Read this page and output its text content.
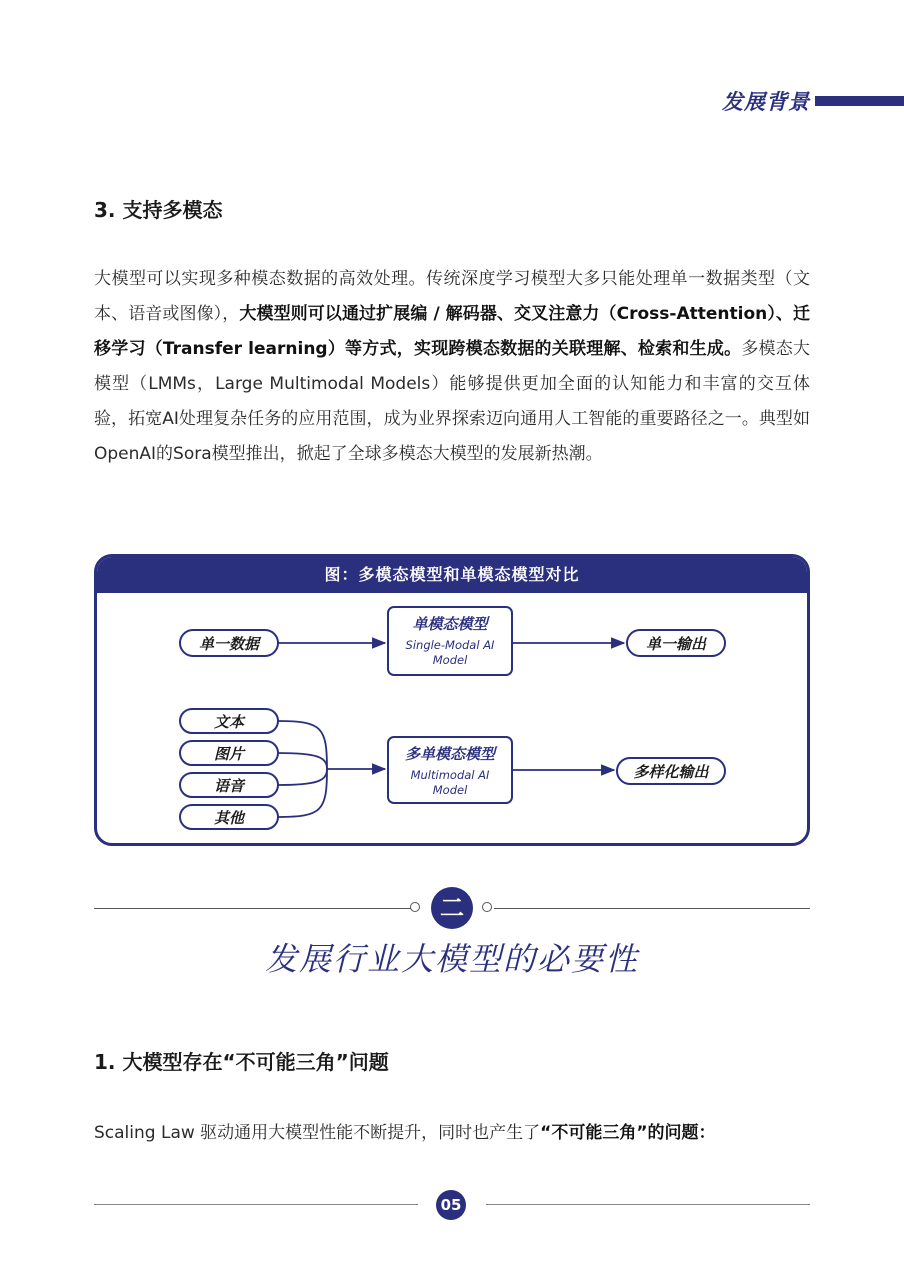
发展背景
3. 支持多模态
大模型可以实现多种模态数据的高效处理。传统深度学习模型大多只能处理单一数据类型（文本、语音或图像），大模型则可以通过扩展编 / 解码器、交叉注意力（Cross-Attention）、迁移学习（Transfer learning）等方式，实现跨模态数据的关联理解、检索和生成。多模态大模型（LMMs，Large Multimodal Models）能够提供更加全面的认知能力和丰富的交互体验，拓宽AI处理复杂任务的应用范围，成为业界探索迈向通用人工智能的重要路径之一。典型如OpenAI的Sora模型推出，掀起了全球多模态大模型的发展新热潮。
图：多模态模型和单模态模型对比
单一数据
单模态模型
Single-Modal AI
Model
单一输出
文本
图片
语音
其他
多单模态模型
Multimodal AI
Model
多样化输出
二
发展行业大模型的必要性
1. 大模型存在“不可能三角”问题
Scaling Law 驱动通用大模型性能不断提升，同时也产生了“不可能三角”的问题：
05
